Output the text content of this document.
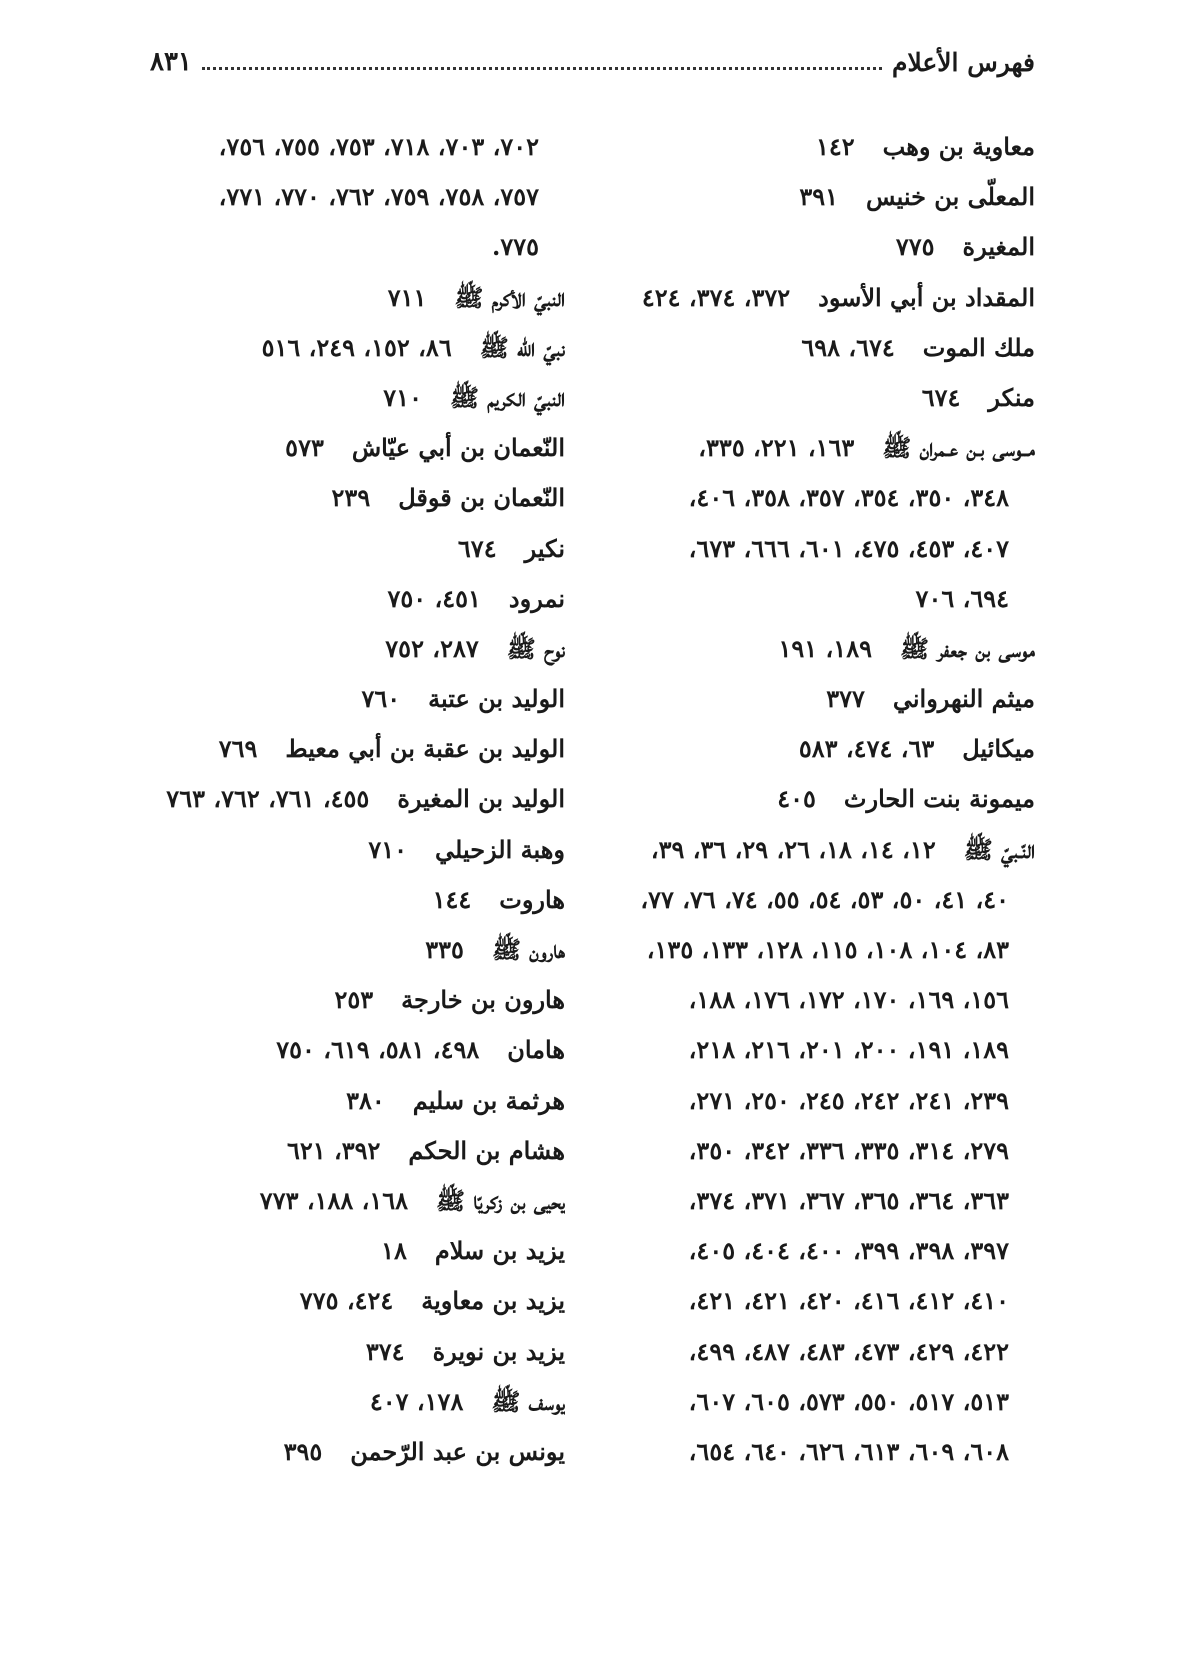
فهرس الأعلام
٨٣١
معاوية بن وهب١٤٢
المعلّى بن خنيس٣٩١
المغيرة٧٧٥
المقداد بن أبي الأسود٣٧٢، ٣٧٤، ٤٢٤
ملك الموت٦٧٤، ٦٩٨
منكر٦٧٤
مــوسى بـن عـمران ﷺ١٦٣، ٢٢١، ٣٣٥،
٣٤٨، ٣٥٠، ٣٥٤، ٣٥٧، ٣٥٨، ٤٠٦،
٤٠٧، ٤٥٣، ٤٧٥، ٦٠١، ٦٦٦، ٦٧٣،
٦٩٤، ٧٠٦
موسى بن جعفر ﷺ١٨٩، ١٩١
ميثم النهرواني٣٧٧
ميكائيل٦٣، ٤٧٤، ٥٨٣
ميمونة بنت الحارث٤٠٥
النّـبيّ ﷺ١٢، ١٤، ١٨، ٢٦، ٢٩، ٣٦، ٣٩،
٤٠، ٤١، ٥٠، ٥٣، ٥٤، ٥٥، ٧٤، ٧٦، ٧٧،
٨٣، ١٠٤، ١٠٨، ١١٥، ١٢٨، ١٣٣، ١٣٥،
١٥٦، ١٦٩، ١٧٠، ١٧٢، ١٧٦، ١٨٨،
١٨٩، ١٩١، ٢٠٠، ٢٠١، ٢١٦، ٢١٨،
٢٣٩، ٢٤١، ٢٤٢، ٢٤٥، ٢٥٠، ٢٧١،
٢٧٩، ٣١٤، ٣٣٥، ٣٣٦، ٣٤٢، ٣٥٠،
٣٦٣، ٣٦٤، ٣٦٥، ٣٦٧، ٣٧١، ٣٧٤،
٣٩٧، ٣٩٨، ٣٩٩، ٤٠٠، ٤٠٤، ٤٠٥،
٤١٠، ٤١٢، ٤١٦، ٤٢٠، ٤٢١، ٤٢١،
٤٢٢، ٤٢٩، ٤٧٣، ٤٨٣، ٤٨٧، ٤٩٩،
٥١٣، ٥١٧، ٥٥٠، ٥٧٣، ٦٠٥، ٦٠٧،
٦٠٨، ٦٠٩، ٦١٣، ٦٢٦، ٦٤٠، ٦٥٤،
٧٠٢، ٧٠٣، ٧١٨، ٧٥٣، ٧٥٥، ٧٥٦،
٧٥٧، ٧٥٨، ٧٥٩، ٧٦٢، ٧٧٠، ٧٧١،
٧٧٥.
النبيّ الأكرم ﷺ٧١١
نبيّ الله ﷺ٨٦، ١٥٢، ٢٤٩، ٥١٦
النبيّ الكريم ﷺ٧١٠
النّعمان بن أبي عيّاش٥٧٣
النّعمان بن قوقل٢٣٩
نكير٦٧٤
نمرود٤٥١، ٧٥٠
نوح ﷺ٢٨٧، ٧٥٢
الوليد بن عتبة٧٦٠
الوليد بن عقبة بن أبي معيط٧٦٩
الوليد بن المغيرة٤٥٥، ٧٦١، ٧٦٢، ٧٦٣
وهبة الزحيلي٧١٠
هاروت١٤٤
هارون ﷺ٣٣٥
هارون بن خارجة٢٥٣
هامان٤٩٨، ٥٨١، ٦١٩، ٧٥٠
هرثمة بن سليم٣٨٠
هشام بن الحكم٣٩٢، ٦٢١
يحيى بن زكريّا ﷺ١٦٨، ١٨٨، ٧٧٣
يزيد بن سلام١٨
يزيد بن معاوية٤٢٤، ٧٧٥
يزيد بن نويرة٣٧٤
يوسف ﷺ١٧٨، ٤٠٧
يونس بن عبد الرّحمن٣٩٥
